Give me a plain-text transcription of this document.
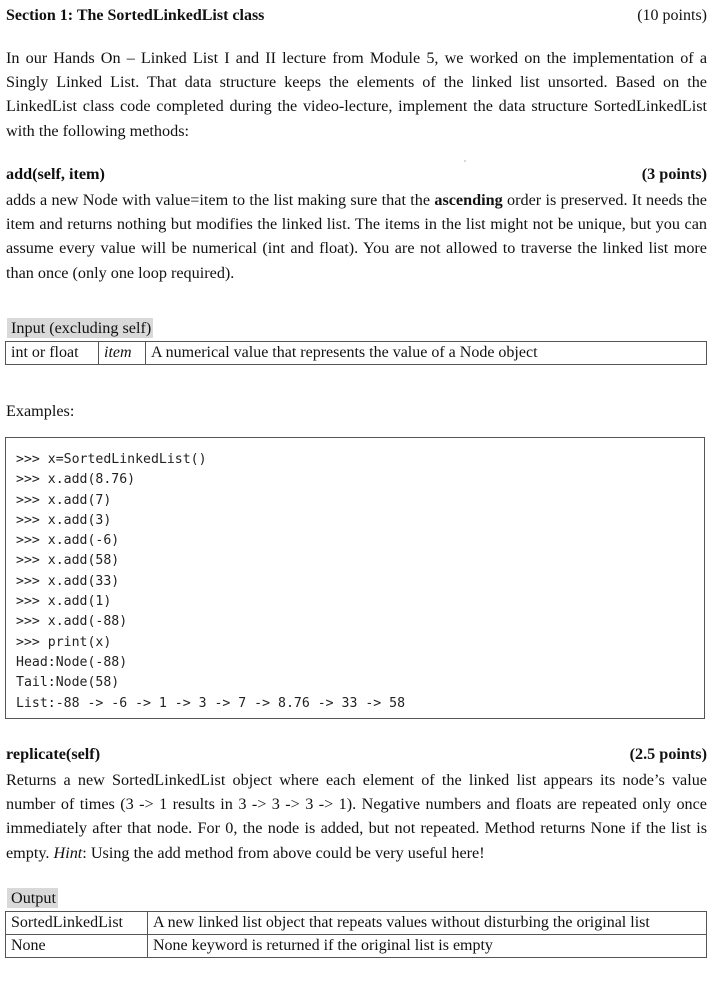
Section 1: The SortedLinkedList class	(10 points)
In our Hands On – Linked List I and II lecture from Module 5, we worked on the implementation of a Singly Linked List. That data structure keeps the elements of the linked list unsorted. Based on the LinkedList class code completed during the video-lecture, implement the data structure SortedLinkedList with the following methods:
add(self, item)	(3 points)
adds a new Node with value=item to the list making sure that the ascending order is preserved. It needs the item and returns nothing but modifies the linked list. The items in the list might not be unique, but you can assume every value will be numerical (int and float). You are not allowed to traverse the linked list more than once (only one loop required).
Input (excluding self)
int or float	item	A numerical value that represents the value of a Node object
Examples:
>>> x=SortedLinkedList()
>>> x.add(8.76)
>>> x.add(7)
>>> x.add(3)
>>> x.add(-6)
>>> x.add(58)
>>> x.add(33)
>>> x.add(1)
>>> x.add(-88)
>>> print(x)
Head:Node(-88)
Tail:Node(58)
List:-88 -> -6 -> 1 -> 3 -> 7 -> 8.76 -> 33 -> 58
replicate(self)	(2.5 points)
Returns a new SortedLinkedList object where each element of the linked list appears its node’s value number of times (3 -> 1 results in 3 -> 3 -> 3 -> 1). Negative numbers and floats are repeated only once immediately after that node. For 0, the node is added, but not repeated. Method returns None if the list is empty. Hint: Using the add method from above could be very useful here!
Output
SortedLinkedList	A new linked list object that repeats values without disturbing the original list
None	None keyword is returned if the original list is empty
